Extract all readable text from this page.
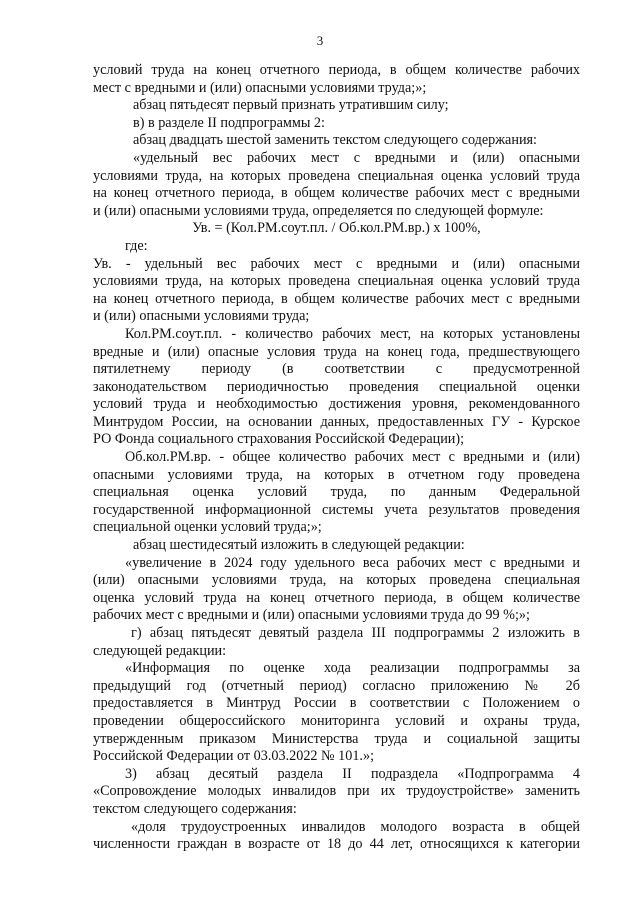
3
условий труда на конец отчетного периода, в общем количестве рабочих
мест с вредными и (или) опасными условиями труда;»;
абзац пятьдесят первый признать утратившим силу;
в) в разделе II подпрограммы 2:
абзац двадцать шестой заменить текстом следующего содержания:
«удельный вес рабочих мест с вредными и (или) опасными
условиями труда, на которых проведена специальная оценка условий труда
на конец отчетного периода, в общем количестве рабочих мест с вредными
и (или) опасными условиями труда, определяется по следующей формуле:
Ув. = (Кол.РМ.соут.пл. / Об.кол.РМ.вр.) x 100%,
где:
Ув. - удельный вес рабочих мест с вредными и (или) опасными
условиями труда, на которых проведена специальная оценка условий труда
на конец отчетного периода, в общем количестве рабочих мест с вредными
и (или) опасными условиями труда;
Кол.РМ.соут.пл. - количество рабочих мест, на которых установлены
вредные и (или) опасные условия труда на конец года, предшествующего
пятилетнему периоду (в соответствии с предусмотренной
законодательством периодичностью проведения специальной оценки
условий труда и необходимостью достижения уровня, рекомендованного
Минтрудом России, на основании данных, предоставленных ГУ - Курское
РО Фонда социального страхования Российской Федерации);
Об.кол.РМ.вр. - общее количество рабочих мест с вредными и (или)
опасными условиями труда, на которых в отчетном году проведена
специальная оценка условий труда, по данным Федеральной
государственной информационной системы учета результатов проведения
специальной оценки условий труда;»;
абзац шестидесятый изложить в следующей редакции:
«увеличение в 2024 году удельного веса рабочих мест с вредными и
(или) опасными условиями труда, на которых проведена специальная
оценка условий труда на конец отчетного периода, в общем количестве
рабочих мест с вредными и (или) опасными условиями труда до 99 %;»;
г) абзац пятьдесят девятый раздела III подпрограммы 2 изложить в
следующей редакции:
«Информация по оценке хода реализации подпрограммы за
предыдущий год (отчетный период) согласно приложению № 2б
предоставляется в Минтруд России в соответствии с Положением о
проведении общероссийского мониторинга условий и охраны труда,
утвержденным приказом Министерства труда и социальной защиты
Российской Федерации от 03.03.2022 № 101.»;
3) абзац десятый раздела II подраздела «Подпрограмма 4
«Сопровождение молодых инвалидов при их трудоустройстве» заменить
текстом следующего содержания:
«доля трудоустроенных инвалидов молодого возраста в общей
численности граждан в возрасте от 18 до 44 лет, относящихся к категории
